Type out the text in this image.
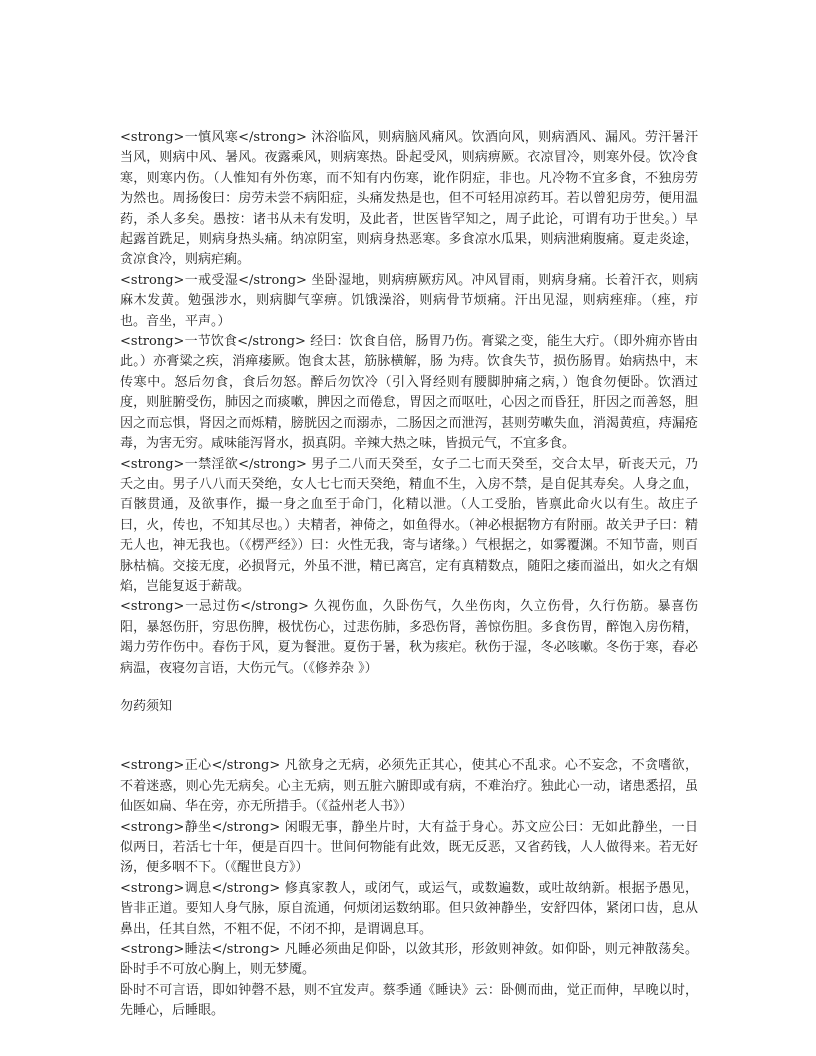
<strong>一慎风寒</strong> 沐浴临风，则病脑风痛风。饮酒向风，则病酒风、漏风。劳汗暑汗当风，则病中风、暑风。夜露乘风，则病寒热。卧起受风，则病痹厥。衣凉冒冷，则寒外侵。饮冷食寒，则寒内伤。（人惟知有外伤寒，而不知有内伤寒，讹作阴症，非也。凡冷物不宜多食，不独房劳为然也。周扬俊曰：房劳未尝不病阳症，头痛发热是也，但不可轻用凉药耳。若以曾犯房劳，便用温药，杀人多矣。愚按：诸书从未有发明，及此者，世医皆罕知之，周子此论，可谓有功于世矣。）早起露首跣足，则病身热头痛。纳凉阴室，则病身热恶寒。多食凉水瓜果，则病泄痢腹痛。夏走炎途，贪凉食冷，则病疟痢。

<strong>一戒受湿</strong> 坐卧湿地，则病痹厥疠风。冲风冒雨，则病身痛。长着汗衣，则病麻木发黄。勉强涉水，则病脚气挛痹。饥饿澡浴，则病骨节烦痛。汗出见湿，则病痤痱。（痤，疖也。音坐，平声。）

<strong>一节饮食</strong> 经曰：饮食自倍，肠胃乃伤。膏粱之变，能生大疔。（即外痈亦皆由此。）亦膏粱之疾，消瘅痿厥。饱食太甚，筋脉横解，肠 为痔。饮食失节，损伤肠胃。始病热中，末传寒中。怒后勿食，食后勿怒。醉后勿饮冷（引入肾经则有腰脚肿痛之病，）饱食勿便卧。饮酒过度，则脏腑受伤，肺因之而痰嗽，脾因之而倦怠，胃因之而呕吐，心因之而昏狂，肝因之而善怒，胆因之而忘惧，肾因之而烁精，膀胱因之而溺赤，二肠因之而泄泻，甚则劳嗽失血，消渴黄疸，痔漏疮毒，为害无穷。咸味能泻肾水，损真阴。辛辣大热之味，皆损元气，不宜多食。

<strong>一禁淫欲</strong> 男子二八而天癸至，女子二七而天癸至，交合太早，斫丧天元，乃夭之由。男子八八而天癸绝，女人七七而天癸绝，精血不生，入房不禁，是自促其寿矣。人身之血，百骸贯通，及欲事作，撮一身之血至于命门，化精以泄。（人工受胎，皆禀此命火以有生。故庄子曰，火，传也，不知其尽也。）夫精者，神倚之，如鱼得水。（神必根据物方有附丽。故关尹子曰：精无人也，神无我也。（《楞严经》）曰：火性无我，寄与诸缘。）气根据之，如雾覆渊。不知节啬，则百脉枯槁。交接无度，必损肾元，外虽不泄，精已离宫，定有真精数点，随阳之痿而溢出，如火之有烟焰，岂能复返于薪哉。

<strong>一忌过伤</strong> 久视伤血，久卧伤气，久坐伤肉，久立伤骨，久行伤筋。暴喜伤阳，暴怒伤肝，穷思伤脾，极忧伤心，过悲伤肺，多恐伤肾，善惊伤胆。多食伤胃，醉饱入房伤精，竭力劳作伤中。春伤于风，夏为餐泄。夏伤于暑，秋为痎疟。秋伤于湿，冬必咳嗽。冬伤于寒，春必病温，夜寝勿言语，大伤元气。（《修养杂 》）

勿药须知

<strong>正心</strong> 凡欲身之无病，必须先正其心，使其心不乱求。心不妄念，不贪嗜欲，不着迷惑，则心先无病矣。心主无病，则五脏六腑即或有病，不难治疗。独此心一动，诸患悉招，虽仙医如扁、华在旁，亦无所措手。（《益州老人书》）

<strong>静坐</strong> 闲暇无事，静坐片时，大有益于身心。苏文应公曰：无如此静坐，一日似两日，若活七十年，便是百四十。世间何物能有此效，既无反恶，又省药钱，人人做得来。若无好汤，便多咽不下。（《醒世良方》）

<strong>调息</strong> 修真家教人，或闭气，或运气，或数遍数，或吐故纳新。根据予愚见，皆非正道。要知人身气脉，原自流通，何烦闭运数纳耶。但只敛神静坐，安舒四体，紧闭口齿，息从鼻出，任其自然，不粗不促，不闭不抑，是谓调息耳。

<strong>睡法</strong> 凡睡必须曲足仰卧，以敛其形，形敛则神敛。如仰卧，则元神散荡矣。卧时手不可放心胸上，则无梦魇。

卧时不可言语，即如钟磬不悬，则不宜发声。蔡季通《睡诀》云：卧侧而曲，觉正而伸，早晚以时，先睡心，后睡眼。
